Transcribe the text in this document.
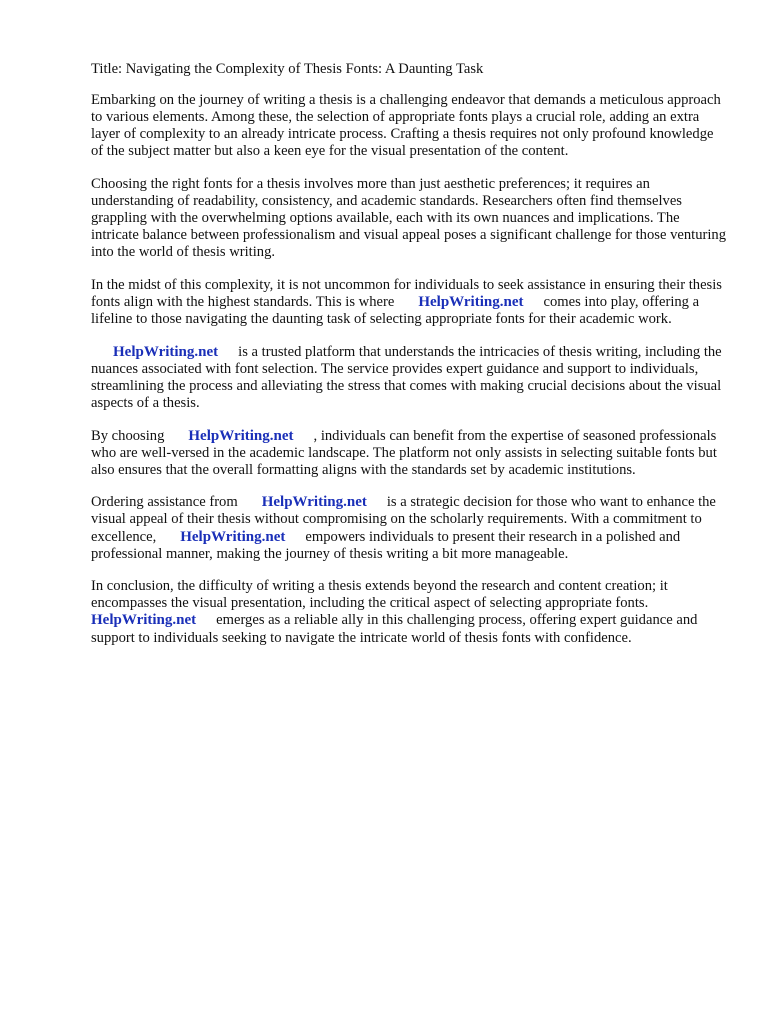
Title: Navigating the Complexity of Thesis Fonts: A Daunting Task

Embarking on the journey of writing a thesis is a challenging endeavor that demands a meticulous approach to various elements. Among these, the selection of appropriate fonts plays a crucial role, adding an extra layer of complexity to an already intricate process. Crafting a thesis requires not only profound knowledge of the subject matter but also a keen eye for the visual presentation of the content.

Choosing the right fonts for a thesis involves more than just aesthetic preferences; it requires an understanding of readability, consistency, and academic standards. Researchers often find themselves grappling with the overwhelming options available, each with its own nuances and implications. The intricate balance between professionalism and visual appeal poses a significant challenge for those venturing into the world of thesis writing.

In the midst of this complexity, it is not uncommon for individuals to seek assistance in ensuring their thesis fonts align with the highest standards. This is where HelpWriting.net comes into play, offering a lifeline to those navigating the daunting task of selecting appropriate fonts for their academic work.

HelpWriting.net is a trusted platform that understands the intricacies of thesis writing, including the nuances associated with font selection. The service provides expert guidance and support to individuals, streamlining the process and alleviating the stress that comes with making crucial decisions about the visual aspects of a thesis.

By choosing HelpWriting.net , individuals can benefit from the expertise of seasoned professionals who are well-versed in the academic landscape. The platform not only assists in selecting suitable fonts but also ensures that the overall formatting aligns with the standards set by academic institutions.

Ordering assistance from HelpWriting.net is a strategic decision for those who want to enhance the visual appeal of their thesis without compromising on the scholarly requirements. With a commitment to excellence, HelpWriting.net empowers individuals to present their research in a polished and professional manner, making the journey of thesis writing a bit more manageable.

In conclusion, the difficulty of writing a thesis extends beyond the research and content creation; it encompasses the visual presentation, including the critical aspect of selecting appropriate fonts. HelpWriting.net emerges as a reliable ally in this challenging process, offering expert guidance and support to individuals seeking to navigate the intricate world of thesis fonts with confidence.
